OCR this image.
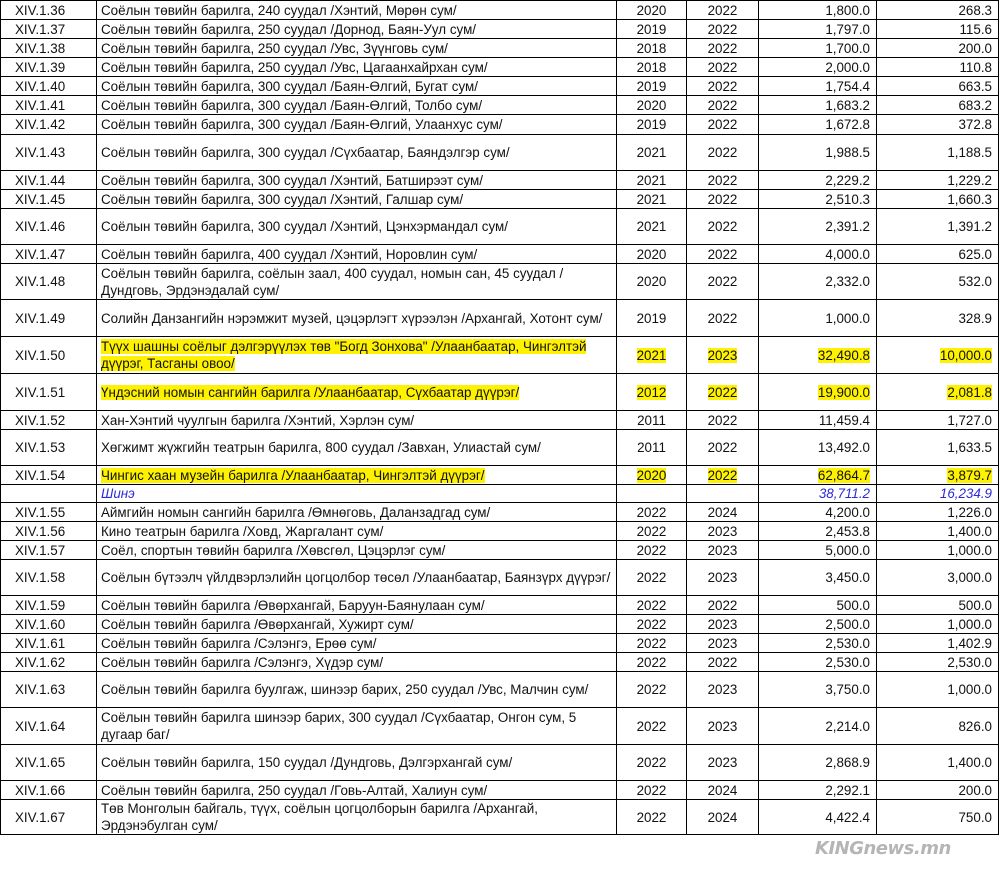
XIV.1.36	Соёлын төвийн барилга, 240 суудал /Хэнтий, Мөрөн сум/	2020	2022	1,800.0	268.3
XIV.1.37	Соёлын төвийн барилга, 250 суудал /Дорнод, Баян-Уул сум/	2019	2022	1,797.0	115.6
XIV.1.38	Соёлын төвийн барилга, 250 суудал /Увс, Зүүнговь сум/	2018	2022	1,700.0	200.0
XIV.1.39	Соёлын төвийн барилга, 250 суудал /Увс, Цагаанхайрхан сум/	2018	2022	2,000.0	110.8
XIV.1.40	Соёлын төвийн барилга, 300 суудал /Баян-Өлгий, Бугат сум/	2019	2022	1,754.4	663.5
XIV.1.41	Соёлын төвийн барилга, 300 суудал /Баян-Өлгий, Толбо сум/	2020	2022	1,683.2	683.2
XIV.1.42	Соёлын төвийн барилга, 300 суудал /Баян-Өлгий, Улаанхус сум/	2019	2022	1,672.8	372.8
XIV.1.43	Соёлын төвийн барилга, 300 суудал /Сүхбаатар, Баяндэлгэр сум/	2021	2022	1,988.5	1,188.5
XIV.1.44	Соёлын төвийн барилга, 300 суудал /Хэнтий, Батширээт сум/	2021	2022	2,229.2	1,229.2
XIV.1.45	Соёлын төвийн барилга, 300 суудал /Хэнтий, Галшар сум/	2021	2022	2,510.3	1,660.3
XIV.1.46	Соёлын төвийн барилга, 300 суудал /Хэнтий, Цэнхэрмандал сум/	2021	2022	2,391.2	1,391.2
XIV.1.47	Соёлын төвийн барилга, 400 суудал /Хэнтий, Норовлин сум/	2020	2022	4,000.0	625.0
XIV.1.48	Соёлын төвийн барилга, соёлын заал, 400 суудал, номын сан, 45 суудал /Дундговь, Эрдэнэдалай сум/	2020	2022	2,332.0	532.0
XIV.1.49	Солийн Данзангийн нэрэмжит музей, цэцэрлэгт хүрээлэн /Архангай, Хотонт сум/	2019	2022	1,000.0	328.9
XIV.1.50	Түүх шашны соёлыг дэлгэрүүлэх төв "Богд Зонхова" /Улаанбаатар, Чингэлтэй дүүрэг, Тасганы овоо/	2021	2023	32,490.8	10,000.0
XIV.1.51	Үндэсний номын сангийн барилга /Улаанбаатар, Сүхбаатар дүүрэг/	2012	2022	19,900.0	2,081.8
XIV.1.52	Хан-Хэнтий чуулгын барилга /Хэнтий, Хэрлэн сум/	2011	2022	11,459.4	1,727.0
XIV.1.53	Хөгжимт жүжгийн театрын барилга, 800 суудал /Завхан, Улиастай сум/	2011	2022	13,492.0	1,633.5
XIV.1.54	Чингис хаан музейн барилга /Улаанбаатар, Чингэлтэй дүүрэг/	2020	2022	62,864.7	3,879.7
	Шинэ			38,711.2	16,234.9
XIV.1.55	Аймгийн номын сангийн барилга /Өмнөговь, Даланзадгад сум/	2022	2024	4,200.0	1,226.0
XIV.1.56	Кино театрын барилга /Ховд, Жаргалант сум/	2022	2023	2,453.8	1,400.0
XIV.1.57	Соёл, спортын төвийн барилга /Хөвсгөл, Цэцэрлэг сум/	2022	2023	5,000.0	1,000.0
XIV.1.58	Соёлын бүтээлч үйлдвэрлэлийн цогцолбор төсөл /Улаанбаатар, Баянзүрх дүүрэг/	2022	2023	3,450.0	3,000.0
XIV.1.59	Соёлын төвийн барилга /Өвөрхангай, Баруун-Баянулаан сум/	2022	2022	500.0	500.0
XIV.1.60	Соёлын төвийн барилга /Өвөрхангай, Хужирт сум/	2022	2023	2,500.0	1,000.0
XIV.1.61	Соёлын төвийн барилга /Сэлэнгэ, Ерөө сум/	2022	2023	2,530.0	1,402.9
XIV.1.62	Соёлын төвийн барилга /Сэлэнгэ, Хүдэр сум/	2022	2022	2,530.0	2,530.0
XIV.1.63	Соёлын төвийн барилга буулгаж, шинээр барих, 250 суудал /Увс, Малчин сум/	2022	2023	3,750.0	1,000.0
XIV.1.64	Соёлын төвийн барилга шинээр барих, 300 суудал /Сүхбаатар, Онгон сум, 5 дугаар баг/	2022	2023	2,214.0	826.0
XIV.1.65	Соёлын төвийн барилга, 150 суудал /Дундговь, Дэлгэрхангай сум/	2022	2023	2,868.9	1,400.0
XIV.1.66	Соёлын төвийн барилга, 250 суудал /Говь-Алтай, Халиун сум/	2022	2024	2,292.1	200.0
XIV.1.67	Төв Монголын байгаль, түүх, соёлын цогцолборын барилга /Архангай, Эрдэнэбулган сум/	2022	2024	4,422.4	750.0
KINGnews.mn
